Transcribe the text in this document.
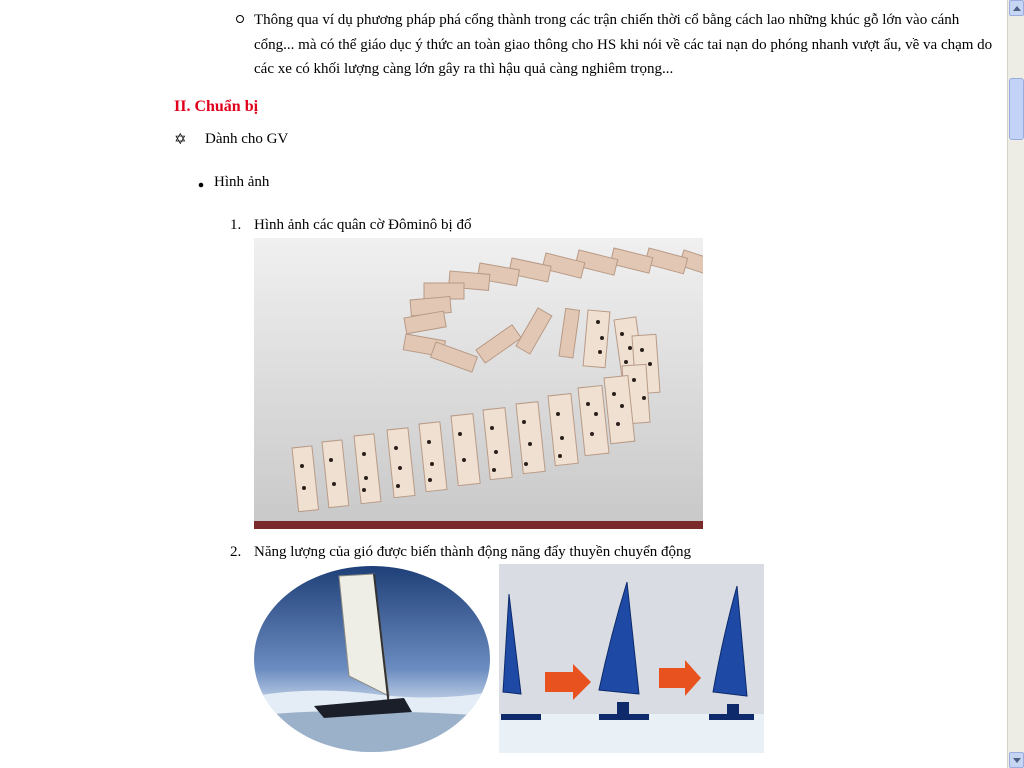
Thông qua ví dụ phương pháp phá cổng thành trong các trận chiến thời cổ bằng cách lao những khúc gỗ lớn vào cánh cổng... mà có thể giáo dục ý thức an toàn giao thông cho HS khi nói về các tai nạn do phóng nhanh vượt ẩu, về va chạm do các xe có khối lượng càng lớn gây ra thì hậu quả càng nghiêm trọng...
II. Chuẩn bị
✡ Dành cho GV
Hình ảnh
1. Hình ảnh các quân cờ Đôminô bị đổ
2. Năng lượng của gió được biến thành động năng đẩy thuyền chuyển động
